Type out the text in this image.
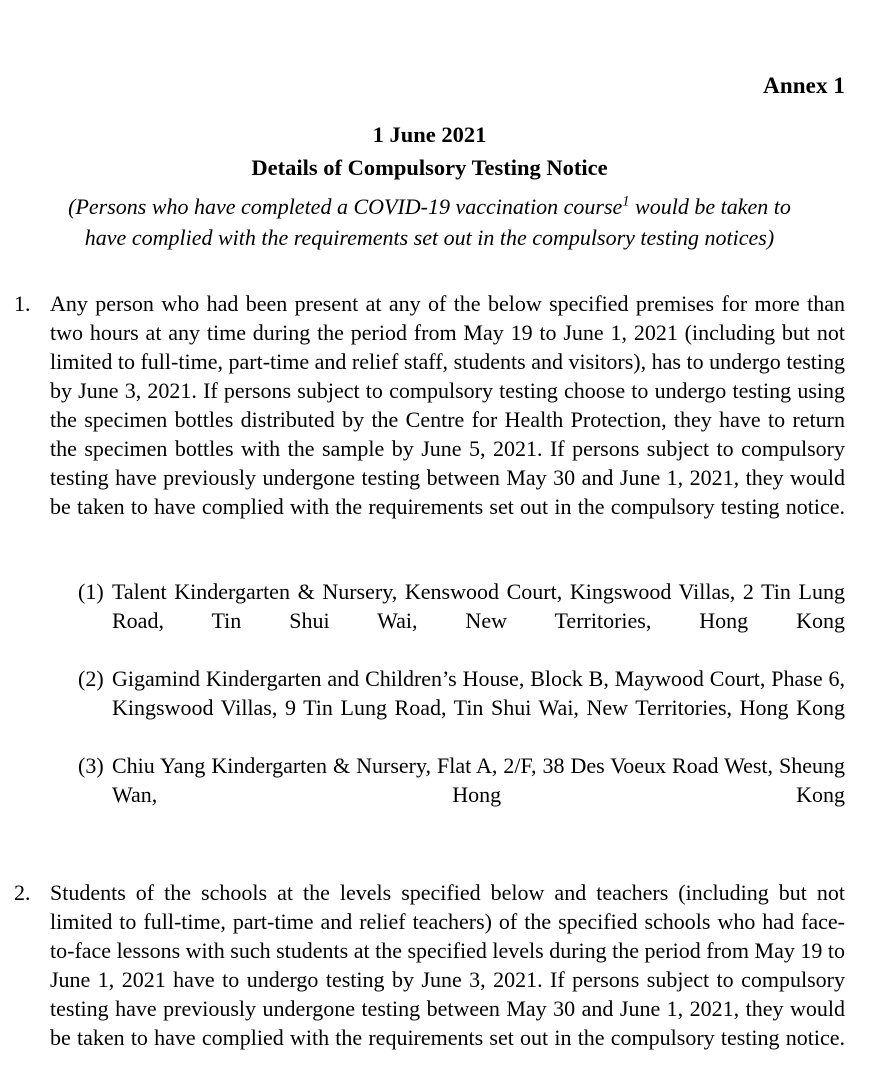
Annex 1
1 June 2021
Details of Compulsory Testing Notice
(Persons who have completed a COVID-19 vaccination course$^1$ would be taken to
have complied with the requirements set out in the compulsory testing notices)
1. Any person who had been present at any of the below specified premises for more than two hours at any time during the period from May 19 to June 1, 2021 (including but not limited to full-time, part-time and relief staff, students and visitors), has to undergo testing by June 3, 2021. If persons subject to compulsory testing choose to undergo testing using the specimen bottles distributed by the Centre for Health Protection, they have to return the specimen bottles with the sample by June 5, 2021. If persons subject to compulsory testing have previously undergone testing between May 30 and June 1, 2021, they would be taken to have complied with the requirements set out in the compulsory testing notice.
(1) Talent Kindergarten & Nursery, Kenswood Court, Kingswood Villas, 2 Tin Lung Road, Tin Shui Wai, New Territories, Hong Kong
(2) Gigamind Kindergarten and Children’s House, Block B, Maywood Court, Phase 6, Kingswood Villas, 9 Tin Lung Road, Tin Shui Wai, New Territories, Hong Kong
(3) Chiu Yang Kindergarten & Nursery, Flat A, 2/F, 38 Des Voeux Road West, Sheung Wan, Hong Kong
2. Students of the schools at the levels specified below and teachers (including but not limited to full-time, part-time and relief teachers) of the specified schools who had face-to-face lessons with such students at the specified levels during the period from May 19 to June 1, 2021 have to undergo testing by June 3, 2021. If persons subject to compulsory testing have previously undergone testing between May 30 and June 1, 2021, they would be taken to have complied with the requirements set out in the compulsory testing notice.
